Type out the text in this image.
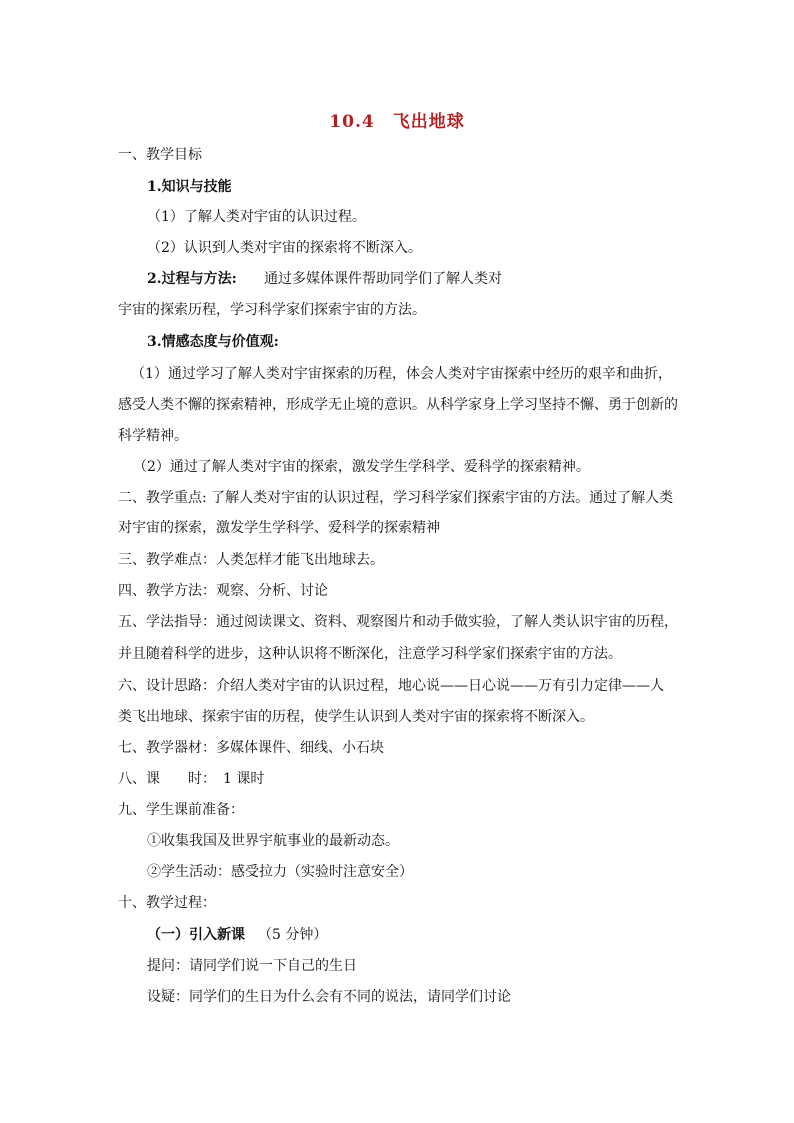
10.4　飞出地球
一、教学目标
1.知识与技能
（1）了解人类对宇宙的认识过程。
（2）认识到人类对宇宙的探索将不断深入。
2.过程与方法: 通过多媒体课件帮助同学们了解人类对
宇宙的探索历程，学习科学家们探索宇宙的方法。
3.情感态度与价值观:
（1）通过学习了解人类对宇宙探索的历程，体会人类对宇宙探索中经历的艰辛和曲折，
感受人类不懈的探索精神，形成学无止境的意识。从科学家身上学习坚持不懈、勇于创新的
科学精神。
（2）通过了解人类对宇宙的探索，激发学生学科学、爱科学的探索精神。
二、教学重点: 了解人类对宇宙的认识过程，学习科学家们探索宇宙的方法。通过了解人类
对宇宙的探索，激发学生学科学、爱科学的探索精神
三、教学难点：人类怎样才能飞出地球去。
四、教学方法：观察、分析、讨论
五、学法指导：通过阅读课文、资料、观察图片和动手做实验，了解人类认识宇宙的历程，
并且随着科学的进步，这种认识将不断深化，注意学习科学家们探索宇宙的方法。
六、设计思路：介绍人类对宇宙的认识过程，地心说——日心说——万有引力定律——人
类飞出地球、探索宇宙的历程，使学生认识到人类对宇宙的探索将不断深入。
七、教学器材：多媒体课件、细线、小石块
八、课　　时：　1 课时
九、学生课前准备：
①收集我国及世界宇航事业的最新动态。
②学生活动：感受拉力（实验时注意安全）
十、教学过程：
（一）引入新课 （5 分钟）
提问：请同学们说一下自己的生日
设疑：同学们的生日为什么会有不同的说法，请同学们讨论
